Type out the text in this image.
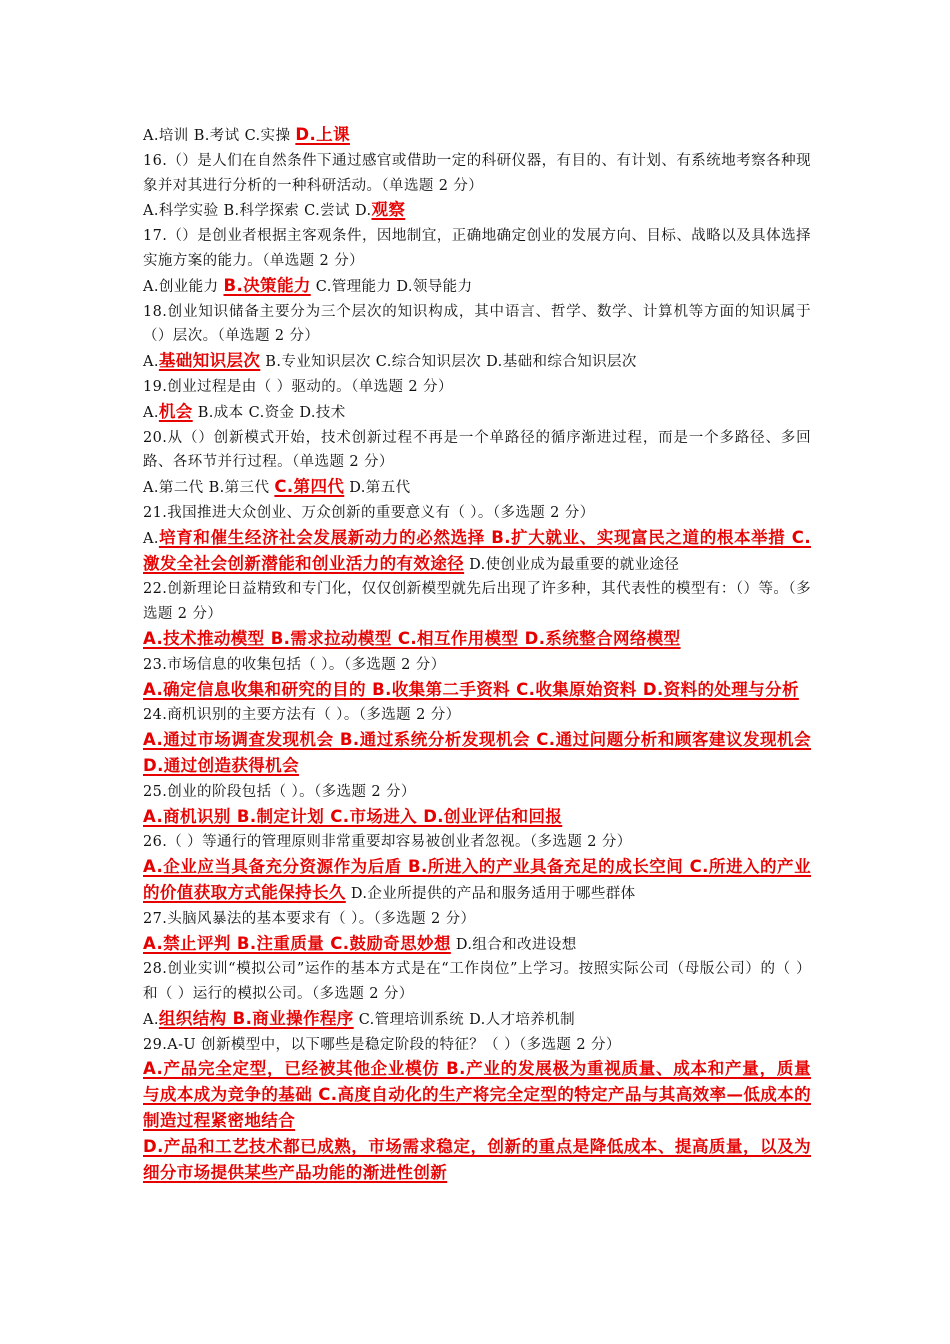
A.培训 B.考试 C.实操 D.上课

16.（）是人们在自然条件下通过感官或借助一定的科研仪器，有目的、有计划、有系统地考察各种现象并对其进行分析的一种科研活动。（单选题 2 分）

A.科学实验 B.科学探索 C.尝试 D.观察

17.（）是创业者根据主客观条件，因地制宜，正确地确定创业的发展方向、目标、战略以及具体选择实施方案的能力。（单选题 2 分）

A.创业能力 B.决策能力 C.管理能力 D.领导能力

18.创业知识储备主要分为三个层次的知识构成，其中语言、哲学、数学、计算机等方面的知识属于（）层次。（单选题 2 分）

A.基础知识层次 B.专业知识层次 C.综合知识层次 D.基础和综合知识层次

19.创业过程是由（ ）驱动的。（单选题 2 分）

A.机会 B.成本 C.资金 D.技术

20.从（）创新模式开始，技术创新过程不再是一个单路径的循序渐进过程，而是一个多路径、多回路、各环节并行过程。（单选题 2 分）

A.第二代 B.第三代 C.第四代 D.第五代

21.我国推进大众创业、万众创新的重要意义有（ ）。（多选题 2 分）

A.培育和催生经济社会发展新动力的必然选择 B.扩大就业、实现富民之道的根本举措 C.激发全社会创新潜能和创业活力的有效途径 D.使创业成为最重要的就业途径

22.创新理论日益精致和专门化，仅仅创新模型就先后出现了许多种，其代表性的模型有：（）等。（多选题 2 分）

A.技术推动模型 B.需求拉动模型 C.相互作用模型 D.系统整合网络模型

23.市场信息的收集包括（ ）。（多选题 2 分）

A.确定信息收集和研究的目的 B.收集第二手资料 C.收集原始资料 D.资料的处理与分析

24.商机识别的主要方法有（ ）。（多选题 2 分）

A.通过市场调查发现机会 B.通过系统分析发现机会 C.通过问题分析和顾客建议发现机会 D.通过创造获得机会

25.创业的阶段包括（ ）。（多选题 2 分）

A.商机识别 B.制定计划 C.市场进入 D.创业评估和回报

26.（ ）等通行的管理原则非常重要却容易被创业者忽视。（多选题 2 分）

A.企业应当具备充分资源作为后盾 B.所进入的产业具备充足的成长空间 C.所进入的产业的价值获取方式能保持长久 D.企业所提供的产品和服务适用于哪些群体

27.头脑风暴法的基本要求有（ ）。（多选题 2 分）

A.禁止评判 B.注重质量 C.鼓励奇思妙想 D.组合和改进设想

28.创业实训“模拟公司”运作的基本方式是在“工作岗位”上学习。按照实际公司（母版公司）的（ ）和（ ）运行的模拟公司。（多选题 2 分）

A.组织结构 B.商业操作程序 C.管理培训系统 D.人才培养机制

29.A-U 创新模型中，以下哪些是稳定阶段的特征？（ ）（多选题 2 分）

A.产品完全定型，已经被其他企业模仿 B.产业的发展极为重视质量、成本和产量，质量与成本成为竞争的基础 C.高度自动化的生产将完全定型的特定产品与其高效率—低成本的制造过程紧密地结合

D.产品和工艺技术都已成熟，市场需求稳定，创新的重点是降低成本、提高质量，以及为细分市场提供某些产品功能的渐进性创新
